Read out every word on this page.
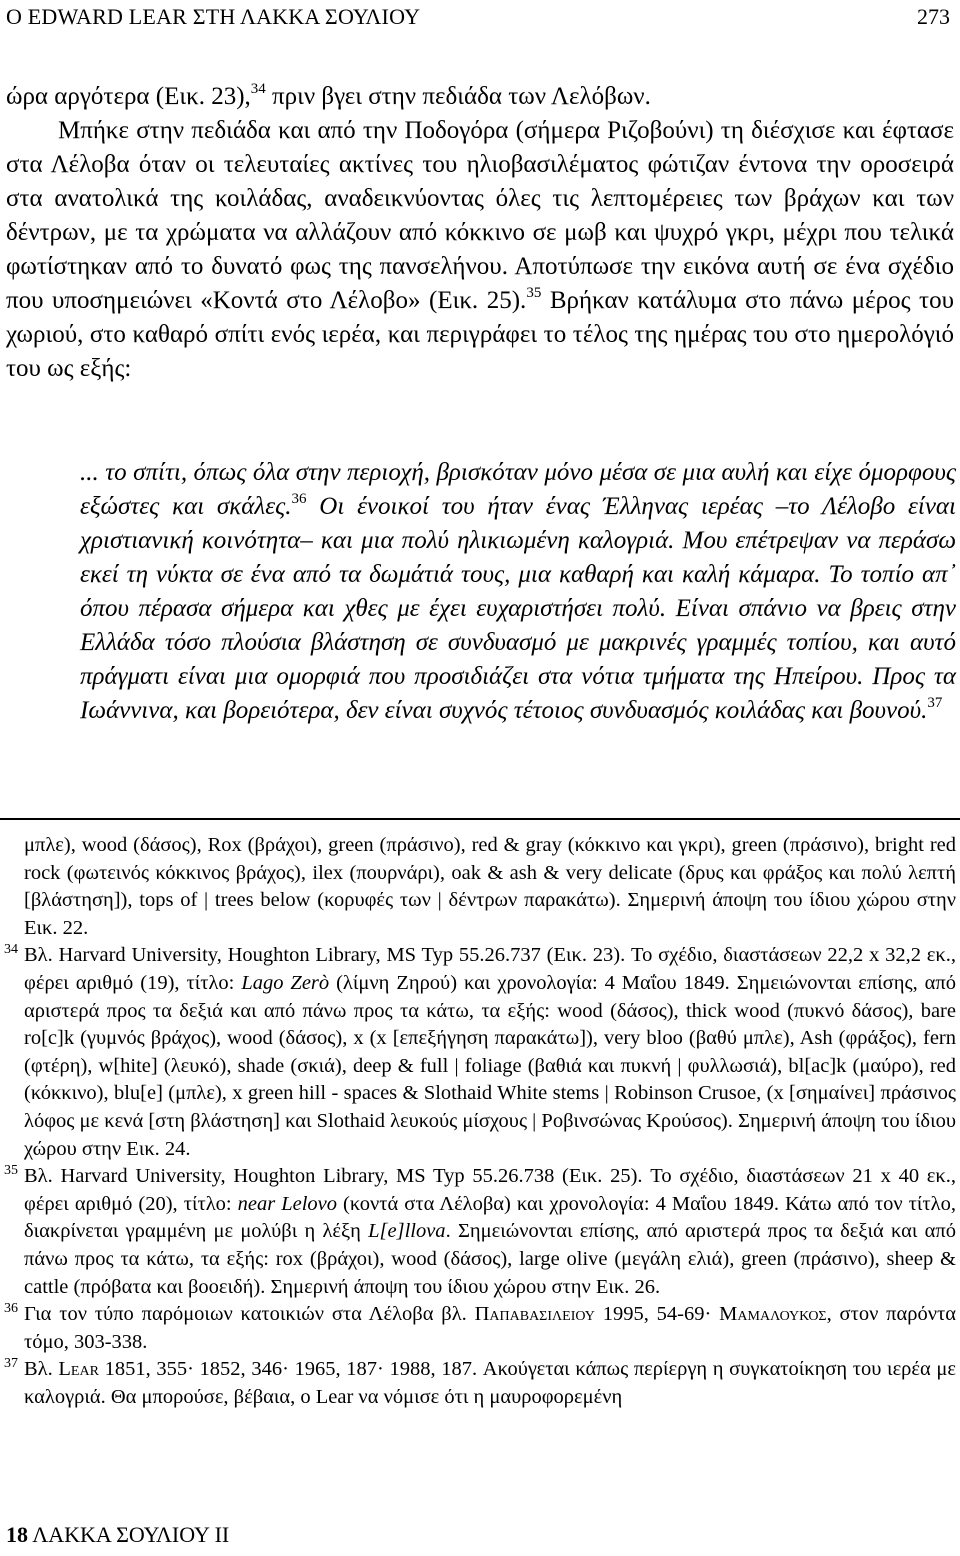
Ο EDWARD LEAR ΣΤΗ ΛΑΚΚΑ ΣΟΥΛΙΟΥ	273

ώρα αργότερα (Εικ. 23),$^{34}$ πριν βγει στην πεδιάδα των Λελόβων.

Μπήκε στην πεδιάδα και από την Ποδογόρα (σήμερα Ριζοβούνι) τη διέσχισε και έφτασε στα Λέλοβα όταν οι τελευταίες ακτίνες του ηλιοβασιλέματος φώτιζαν έντονα την οροσειρά στα ανατολικά της κοιλάδας, αναδεικνύοντας όλες τις λεπτομέρειες των βράχων και των δέντρων, με τα χρώματα να αλλάζουν από κόκκινο σε μωβ και ψυχρό γκρι, μέχρι που τελικά φωτίστηκαν από το δυνατό φως της πανσελήνου. Αποτύπωσε την εικόνα αυτή σε ένα σχέδιο που υποσημειώνει «Κοντά στο Λέλοβο» (Εικ. 25).$^{35}$ Βρήκαν κατάλυμα στο πάνω μέρος του χωριού, στο καθαρό σπίτι ενός ιερέα, και περιγράφει το τέλος της ημέρας του στο ημερολόγιό του ως εξής:

... το σπίτι, όπως όλα στην περιοχή, βρισκόταν μόνο μέσα σε μια αυλή και είχε όμορφους εξώστες και σκάλες.$^{36}$ Οι ένοικοί του ήταν ένας Έλληνας ιερέας –το Λέλοβο είναι χριστιανική κοινότητα– και μια πολύ ηλικιωμένη καλογριά. Μου επέτρεψαν να περάσω εκεί τη νύκτα σε ένα από τα δωμάτιά τους, μια καθαρή και καλή κάμαρα. Το τοπίο απ᾽ όπου πέρασα σήμερα και χθες με έχει ευχαριστήσει πολύ. Είναι σπάνιο να βρεις στην Ελλάδα τόσο πλούσια βλάστηση σε συνδυασμό με μακρινές γραμμές τοπίου, και αυτό πράγματι είναι μια ομορφιά που προσιδιάζει στα νότια τμήματα της Ηπείρου. Προς τα Ιωάννινα, και βορειότερα, δεν είναι συχνός τέτοιος συνδυασμός κοιλάδας και βουνού.$^{37}$

μπλε), wood (δάσος), Rox (βράχοι), green (πράσινο), red & gray (κόκκινο και γκρι), green (πράσινο), bright red rock (φωτεινός κόκκινος βράχος), ilex (πουρνάρι), oak & ash & very delicate (δρυς και φράξος και πολύ λεπτή [βλάστηση]), tops of | trees below (κορυφές των | δέντρων παρακάτω). Σημερινή άποψη του ίδιου χώρου στην Εικ. 22.

34 Βλ. Harvard University, Houghton Library, MS Typ 55.26.737 (Εικ. 23). Το σχέδιο, διαστάσεων 22,2 x 32,2 εκ., φέρει αριθμό (19), τίτλο: Lago Zerò (λίμνη Ζηρού) και χρονολογία: 4 Μαΐου 1849. Σημειώνονται επίσης, από αριστερά προς τα δεξιά και από πάνω προς τα κάτω, τα εξής: wood (δάσος), thick wood (πυκνό δάσος), bare ro[c]k (γυμνός βράχος), wood (δάσος), x (x [επεξήγηση παρακάτω]), very bloo (βαθύ μπλε), Ash (φράξος), fern (φτέρη), w[hite] (λευκό), shade (σκιά), deep & full | foliage (βαθιά και πυκνή | φυλλωσιά), bl[ac]k (μαύρο), red (κόκκινο), blu[e] (μπλε), x green hill - spaces & Slothaid White stems | Robinson Crusoe, (x [σημαίνει] πράσινος λόφος με κενά [στη βλάστηση] και Slothaid λευκούς μίσχους | Ροβινσώνας Κρούσος). Σημερινή άποψη του ίδιου χώρου στην Εικ. 24.

35 Βλ. Harvard University, Houghton Library, MS Typ 55.26.738 (Εικ. 25). Το σχέδιο, διαστάσεων 21 x 40 εκ., φέρει αριθμό (20), τίτλο: near Lelovo (κοντά στα Λέλοβα) και χρονολογία: 4 Μαΐου 1849. Κάτω από τον τίτλο, διακρίνεται γραμμένη με μολύβι η λέξη L[e]llova. Σημειώνονται επίσης, από αριστερά προς τα δεξιά και από πάνω προς τα κάτω, τα εξής: rox (βράχοι), wood (δάσος), large olive (μεγάλη ελιά), green (πράσινο), sheep & cattle (πρόβατα και βοοειδή). Σημερινή άποψη του ίδιου χώρου στην Εικ. 26.

36 Για τον τύπο παρόμοιων κατοικιών στα Λέλοβα βλ. Παπαβασιλειου 1995, 54-69· Μαμαλουκος, στον παρόντα τόμο, 303-338.

37 Βλ. Lear 1851, 355· 1852, 346· 1965, 187· 1988, 187. Ακούγεται κάπως περίεργη η συγκατοίκηση του ιερέα με καλογριά. Θα μπορούσε, βέβαια, ο Lear να νόμισε ότι η μαυροφορεμένη

18 ΛΑΚΚΑ ΣΟΥΛΙΟΥ ΙΙ
